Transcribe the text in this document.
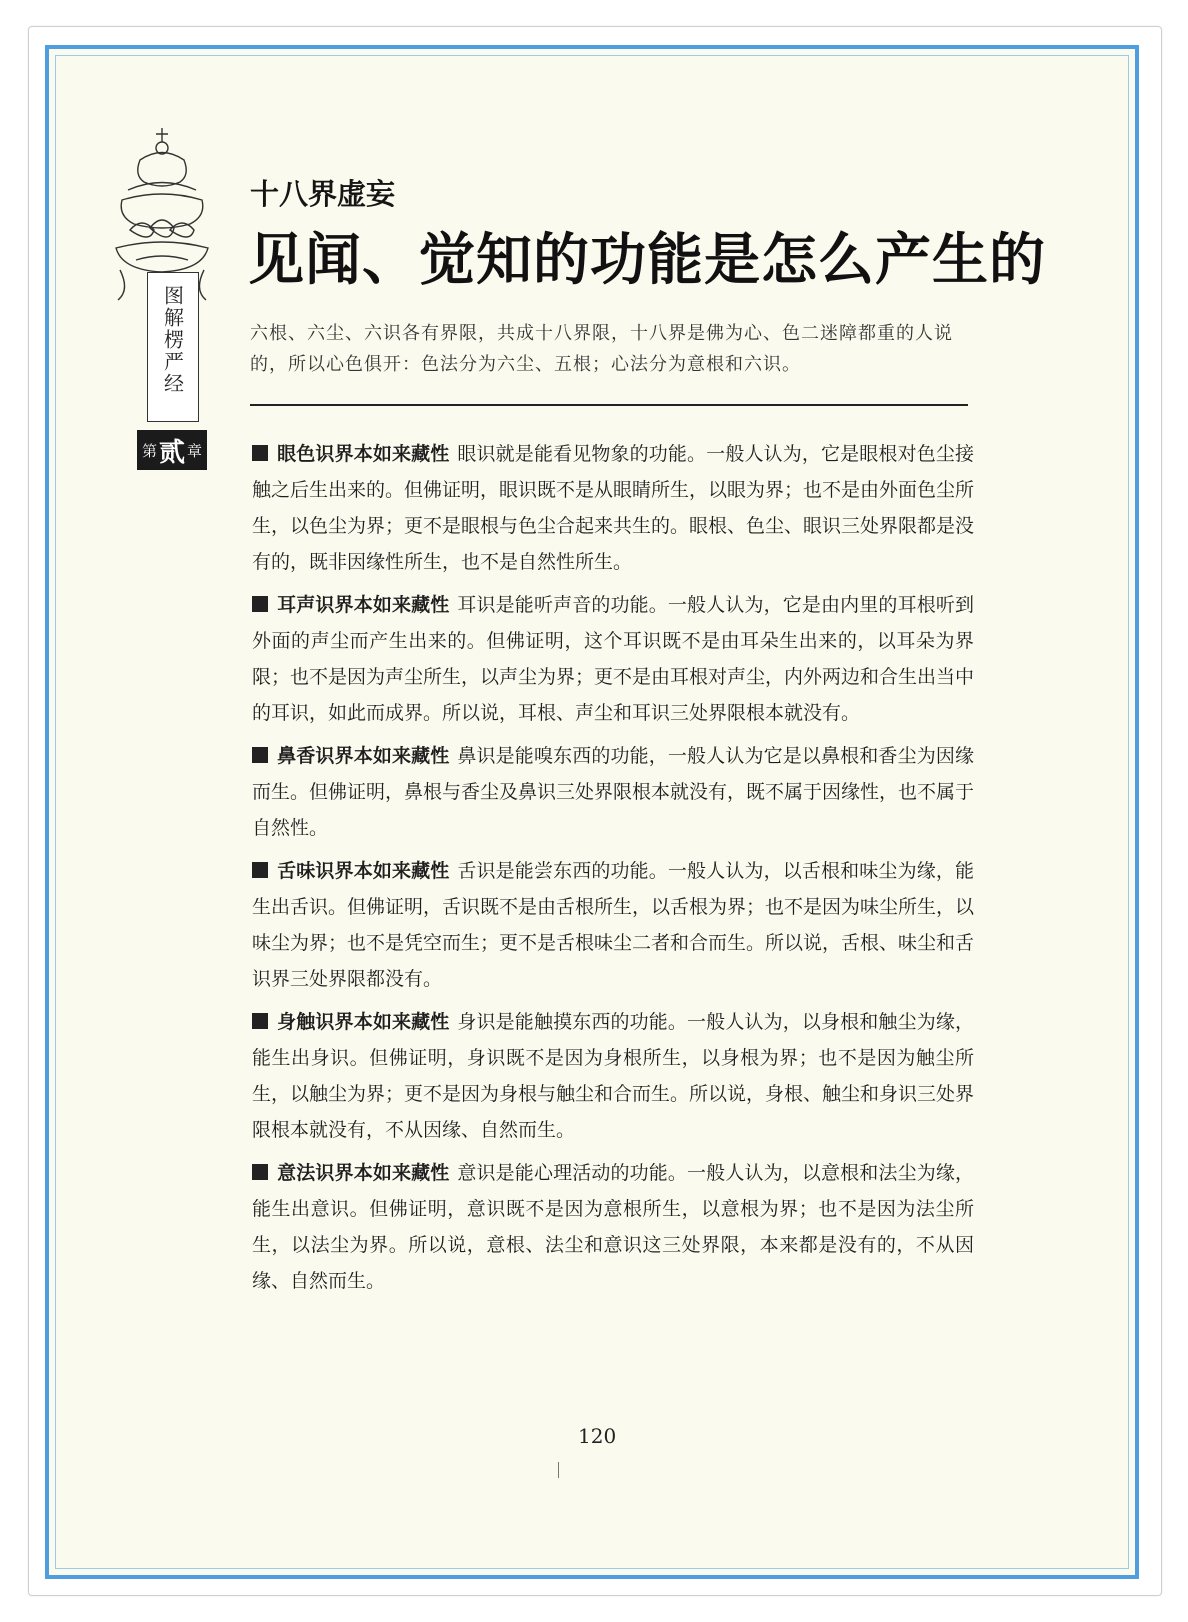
图解楞严经
第 贰 章
十八界虚妄
见闻、觉知的功能是怎么产生的
六根、六尘、六识各有界限，共成十八界限，十八界是佛为心、色二迷障都重的人说的，所以心色俱开：色法分为六尘、五根；心法分为意根和六识。

眼色识界本如来藏性 眼识就是能看见物象的功能。一般人认为，它是眼根对色尘接触之后生出来的。但佛证明，眼识既不是从眼睛所生，以眼为界；也不是由外面色尘所生，以色尘为界；更不是眼根与色尘合起来共生的。眼根、色尘、眼识三处界限都是没有的，既非因缘性所生，也不是自然性所生。

耳声识界本如来藏性 耳识是能听声音的功能。一般人认为，它是由内里的耳根听到外面的声尘而产生出来的。但佛证明，这个耳识既不是由耳朵生出来的，以耳朵为界限；也不是因为声尘所生，以声尘为界；更不是由耳根对声尘，内外两边和合生出当中的耳识，如此而成界。所以说，耳根、声尘和耳识三处界限根本就没有。

鼻香识界本如来藏性 鼻识是能嗅东西的功能，一般人认为它是以鼻根和香尘为因缘而生。但佛证明，鼻根与香尘及鼻识三处界限根本就没有，既不属于因缘性，也不属于自然性。

舌味识界本如来藏性 舌识是能尝东西的功能。一般人认为，以舌根和味尘为缘，能生出舌识。但佛证明，舌识既不是由舌根所生，以舌根为界；也不是因为味尘所生，以味尘为界；也不是凭空而生；更不是舌根味尘二者和合而生。所以说，舌根、味尘和舌识界三处界限都没有。

身触识界本如来藏性 身识是能触摸东西的功能。一般人认为，以身根和触尘为缘，能生出身识。但佛证明，身识既不是因为身根所生，以身根为界；也不是因为触尘所生，以触尘为界；更不是因为身根与触尘和合而生。所以说，身根、触尘和身识三处界限根本就没有，不从因缘、自然而生。

意法识界本如来藏性 意识是能心理活动的功能。一般人认为，以意根和法尘为缘，能生出意识。但佛证明，意识既不是因为意根所生，以意根为界；也不是因为法尘所生，以法尘为界。所以说，意根、法尘和意识这三处界限，本来都是没有的，不从因缘、自然而生。

120
